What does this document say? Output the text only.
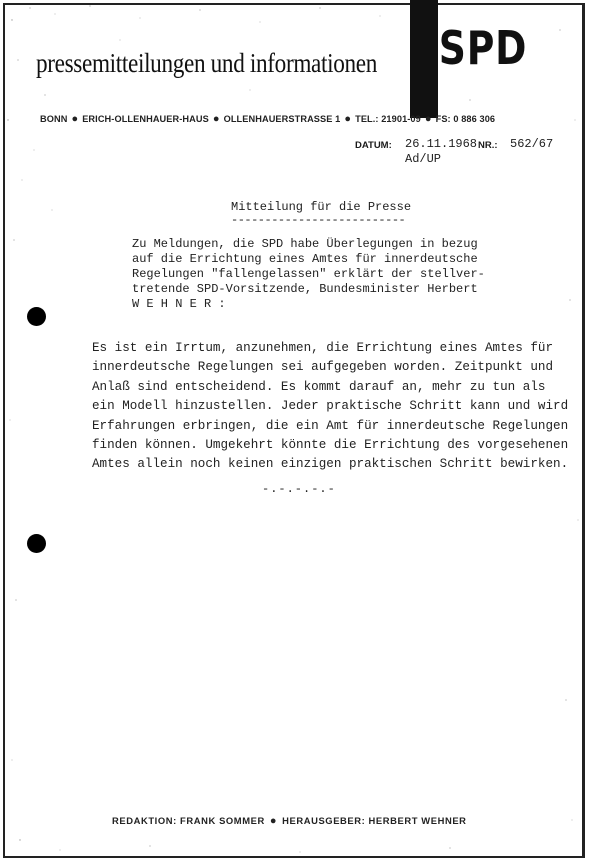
SPD
pressemitteilungen und informationen
BONN ● ERICH-OLLENHAUER-HAUS ● OLLENHAUERSTRASSE 1 ● TEL.: 21901-09 ● FS: 0 886 306
DATUM: 26.11.1968 NR.: 562/67
Ad/UP
Mitteilung für die Presse
--------------------------
Zu Meldungen, die SPD habe Überlegungen in bezug
auf die Errichtung eines Amtes für innerdeutsche
Regelungen "fallengelassen" erklärt der stellver-
tretende SPD-Vorsitzende, Bundesminister Herbert
W E H N E R :
Es ist ein Irrtum, anzunehmen, die Errichtung eines Amtes für
innerdeutsche Regelungen sei aufgegeben worden. Zeitpunkt und
Anlaß sind entscheidend. Es kommt darauf an, mehr zu tun als
ein Modell hinzustellen. Jeder praktische Schritt kann und wird
Erfahrungen erbringen, die ein Amt für innerdeutsche Regelungen
finden können. Umgekehrt könnte die Errichtung des vorgesehenen
Amtes allein noch keinen einzigen praktischen Schritt bewirken.
-.-.-.-.-
REDAKTION: FRANK SOMMER ● HERAUSGEBER: HERBERT WEHNER
